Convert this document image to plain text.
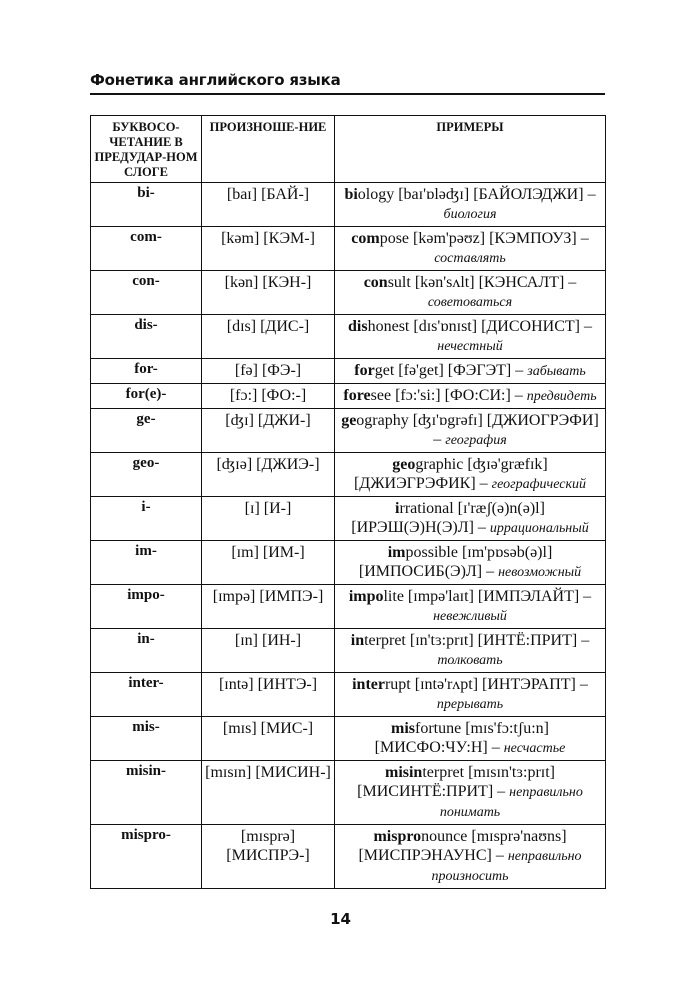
Фонетика английского языка
БУКВОСО-ЧЕТАНИЕ В ПРЕДУДАР-НОМ СЛОГЕ	ПРОИЗНОШЕ-НИЕ	ПРИМЕРЫ
bi-	[baɪ] [БАЙ-]	biology [baɪ'ɒləʤɪ] [БАЙОЛЭДЖИ] – биология
com-	[kəm] [КЭМ-]	compose [kəm'pəʊz] [КЭМПОУЗ] – составлять
con-	[kən] [КЭН-]	consult [kən'sʌlt] [КЭНСАЛТ] – советоваться
dis-	[dɪs] [ДИС-]	dishonest [dɪs'ɒnɪst] [ДИСОНИСТ] – нечестный
for-	[fə] [ФЭ-]	forget [fə'get] [ФЭГЭТ] – забывать
for(e)-	[fɔ:] [ФО:-]	foresee [fɔ:'si:] [ФО:СИ:] – предвидеть
ge-	[ʤɪ] [ДЖИ-]	geography [ʤɪ'ɒgrəfɪ] [ДЖИОГРЭФИ] – география
geo-	[ʤɪə] [ДЖИЭ-]	geographic [ʤɪə'græfɪk] [ДЖИЭГРЭФИК] – географический
i-	[ɪ] [И-]	irrational [ɪ'ræʃ(ə)n(ə)l] [ИРЭШ(Э)Н(Э)Л] – иррациональный
im-	[ɪm] [ИМ-]	impossible [ɪm'pɒsəb(ə)l] [ИМПОСИБ(Э)Л] – невозможный
impo-	[ɪmpə] [ИМПЭ-]	impolite [ɪmpə'laɪt] [ИМПЭЛАЙТ] – невежливый
in-	[ɪn] [ИН-]	interpret [ɪn'tɜ:prɪt] [ИНТЁ:ПРИТ] – толковать
inter-	[ɪntə] [ИНТЭ-]	interrupt [ɪntə'rʌpt] [ИНТЭРАПТ] – прерывать
mis-	[mɪs] [МИС-]	misfortune [mɪs'fɔ:tʃu:n] [МИСФО:ЧУ:Н] – несчастье
misin-	[mɪsɪn] [МИСИН-]	misinterpret [mɪsɪn'tɜ:prɪt] [МИСИНТЁ:ПРИТ] – неправильно понимать
mispro-	[mɪsprə] [МИСПРЭ-]	mispronounce [mɪsprə'naʊns] [МИСПРЭНАУНС] – неправильно произносить
14
